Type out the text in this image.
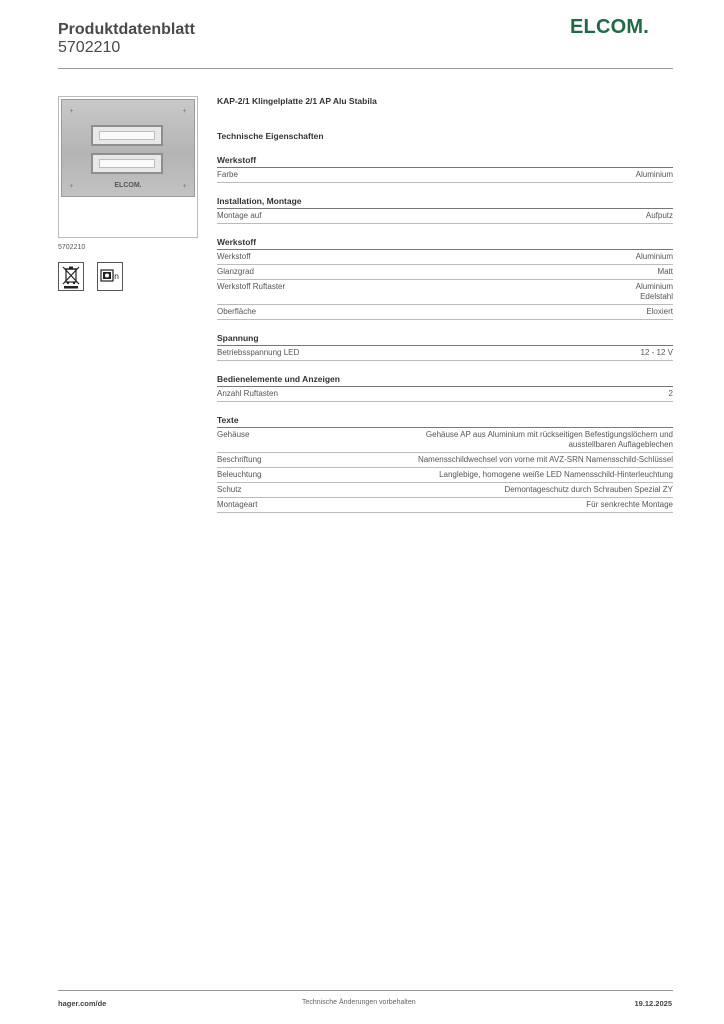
Produktdatenblatt
5702210
ELCOM.
+	+
+	+
ELCOM.
5702210
n
KAP-2/1 Klingelplatte 2/1 AP Alu Stabila
Technische Eigenschaften
Werkstoff
Farbe	Aluminium
Installation, Montage
Montage auf	Aufputz
Werkstoff
Werkstoff	Aluminium
Glanzgrad	Matt
Werkstoff Ruftaster	Aluminium
Edelstahl
Oberfläche	Eloxiert
Spannung
Betriebsspannung LED	12 - 12 V
Bedienelemente und Anzeigen
Anzahl Ruftasten	2
Texte
Gehäuse	Gehäuse AP aus Aluminium mit rückseitigen Befestigungslöchern und
ausstellbaren Auflageblechen
Beschriftung	Namensschildwechsel von vorne mit AVZ-SRN Namensschild-Schlüssel
Beleuchtung	Langlebige, homogene weiße LED Namensschild-Hinterleuchtung
Schutz	Demontageschutz durch Schrauben Spezial ZY
Montageart	Für senkrechte Montage
hager.com/de	Technische Änderungen vorbehalten	19.12.2025
